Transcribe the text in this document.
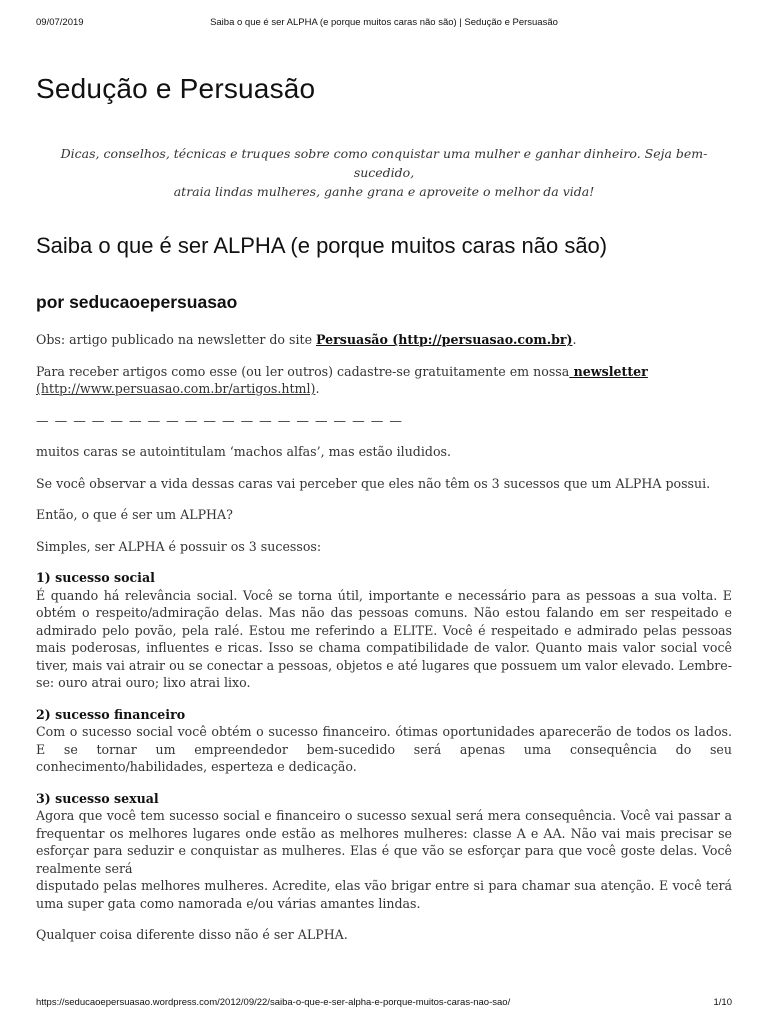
09/07/2019	Saiba o que é ser ALPHA (e porque muitos caras não são) | Sedução e Persuasão
Sedução e Persuasão
Dicas, conselhos, técnicas e truques sobre como conquistar uma mulher e ganhar dinheiro. Seja bem-sucedido,
atraia lindas mulheres, ganhe grana e aproveite o melhor da vida!
Saiba o que é ser ALPHA (e porque muitos caras não são)
por seducaoepersuasao

Obs: artigo publicado na newsletter do site Persuasão (http://persuasao.com.br).

Para receber artigos como esse (ou ler outros) cadastre-se gratuitamente em nossa newsletter
(http://www.persuasao.com.br/artigos.html).

— — — — — — — — — — — — — — — — — — — —

muitos caras se autointitulam ‘machos alfas’, mas estão iludidos.

Se você observar a vida dessas caras vai perceber que eles não têm os 3 sucessos que um ALPHA possui.

Então, o que é ser um ALPHA?

Simples, ser ALPHA é possuir os 3 sucessos:

1) sucesso social
É quando há relevância social. Você se torna útil, importante e necessário para as pessoas a sua volta. E obtém o respeito/admiração delas. Mas não das pessoas comuns. Não estou falando em ser respeitado e admirado pelo povão, pela ralé. Estou me referindo a ELITE. Você é respeitado e admirado pelas pessoas mais poderosas, influentes e ricas. Isso se chama compatibilidade de valor. Quanto mais valor social você tiver, mais vai atrair ou se conectar a pessoas, objetos e até lugares que possuem um valor elevado. Lembre-se: ouro atrai ouro; lixo atrai lixo.

2) sucesso financeiro
Com o sucesso social você obtém o sucesso financeiro. ótimas oportunidades aparecerão de todos os lados. E se tornar um empreendedor bem-sucedido será apenas uma consequência do seu conhecimento/habilidades, esperteza e dedicação.

3) sucesso sexual
Agora que você tem sucesso social e financeiro o sucesso sexual será mera consequência. Você vai passar a frequentar os melhores lugares onde estão as melhores mulheres: classe A e AA. Não vai mais precisar se esforçar para seduzir e conquistar as mulheres. Elas é que vão se esforçar para que você goste delas. Você realmente será
disputado pelas melhores mulheres. Acredite, elas vão brigar entre si para chamar sua atenção. E você terá uma super gata como namorada e/ou várias amantes lindas.

Qualquer coisa diferente disso não é ser ALPHA.

https://seducaoepersuasao.wordpress.com/2012/09/22/saiba-o-que-e-ser-alpha-e-porque-muitos-caras-nao-sao/	1/10
